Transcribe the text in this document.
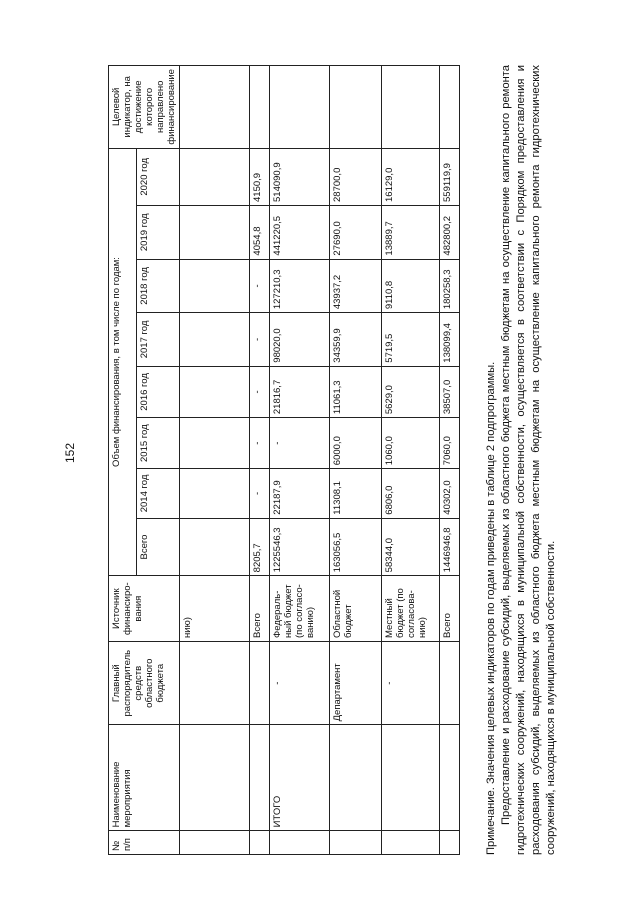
152
№ п/п	Наименование мероприятия	Главный распорядитель средств областного бюджета	Источник финансиро-вания	Объем финансирования, в том числе по годам:								Целевой индикатор, на достижение которого направлено финансирование
				Всего	2014 год	2015 год	2016 год	2017 год	2018 год	2019 год	2020 год	
			нию)									
			Всего	8205,7	-	-	-	-	-	4054,8	4150,9	
	ИТОГО	-	Федераль-ный бюджет (по согласо-ванию)	1225546,3	22187,9	-	21816,7	98020,0	127210,3	441220,5	514090,9	
		Департамент	Областной бюджет	163056,5	11308,1	6000,0	11061,3	34359,9	43937,2	27690,0	28700,0	
		-	Местный бюджет (по согласова-нию)	58344,0	6806,0	1060,0	5629,0	5719,5	9110,8	13889,7	16129,0	
			Всего	1446946,8	40302,0	7060,0	38507,0	138099,4	180258,3	482800,2	559119,9	

Примечание. Значения целевых индикаторов по годам приведены в таблице 2 подпрограммы. Предоставление и расходование субсидий, выделяемых из областного бюджета местным бюджетам на осуществление капитального ремонта гидротехнических сооружений, находящихся в муниципальной собственности, осуществляется в соответствии с Порядком предоставления и расходования субсидий, выделяемых из областного бюджета местным бюджетам на осуществление капитального ремонта гидротехнических сооружений, находящихся в муниципальной собственности.
